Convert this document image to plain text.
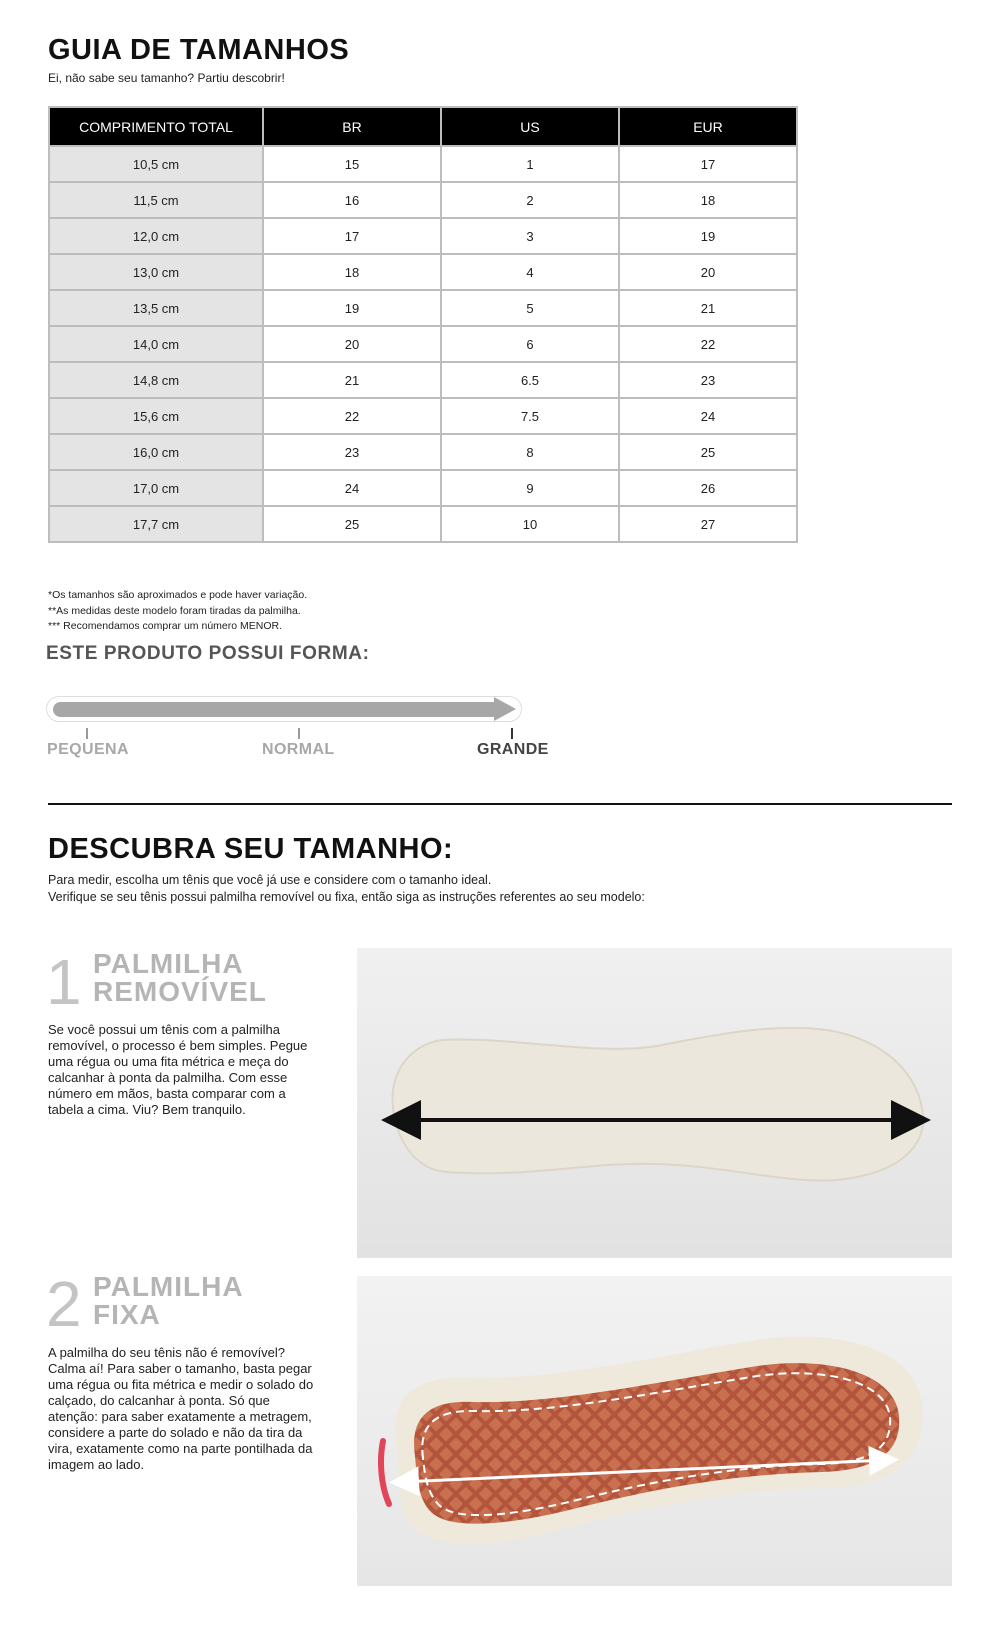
GUIA DE TAMANHOS
Ei, não sabe seu tamanho? Partiu descobrir!
COMPRIMENTO TOTAL	BR	US	EUR
10,5 cm	15	1	17
11,5 cm	16	2	18
12,0 cm	17	3	19
13,0 cm	18	4	20
13,5 cm	19	5	21
14,0 cm	20	6	22
14,8 cm	21	6.5	23
15,6 cm	22	7.5	24
16,0 cm	23	8	25
17,0 cm	24	9	26
17,7 cm	25	10	27
*Os tamanhos são aproximados e pode haver variação.
**As medidas deste modelo foram tiradas da palmilha.
*** Recomendamos comprar um número MENOR.
ESTE PRODUTO POSSUI FORMA:
PEQUENA	NORMAL	GRANDE
DESCUBRA SEU TAMANHO:
Para medir, escolha um tênis que você já use e considere com o tamanho ideal.
Verifique se seu tênis possui palmilha removível ou fixa, então siga as instruções referentes ao seu modelo:
1 PALMILHA
REMOVÍVEL
Se você possui um tênis com a palmilha removível, o processo é bem simples. Pegue uma régua ou uma fita métrica e meça do calcanhar à ponta da palmilha. Com esse número em mãos, basta comparar com a tabela a cima. Viu? Bem tranquilo.
2 PALMILHA
FIXA
A palmilha do seu tênis não é removível? Calma aí! Para saber o tamanho, basta pegar uma régua ou fita métrica e medir o solado do calçado, do calcanhar à ponta. Só que atenção: para saber exatamente a metragem, considere a parte do solado e não da tira da vira, exatamente como na parte pontilhada da imagem ao lado.
